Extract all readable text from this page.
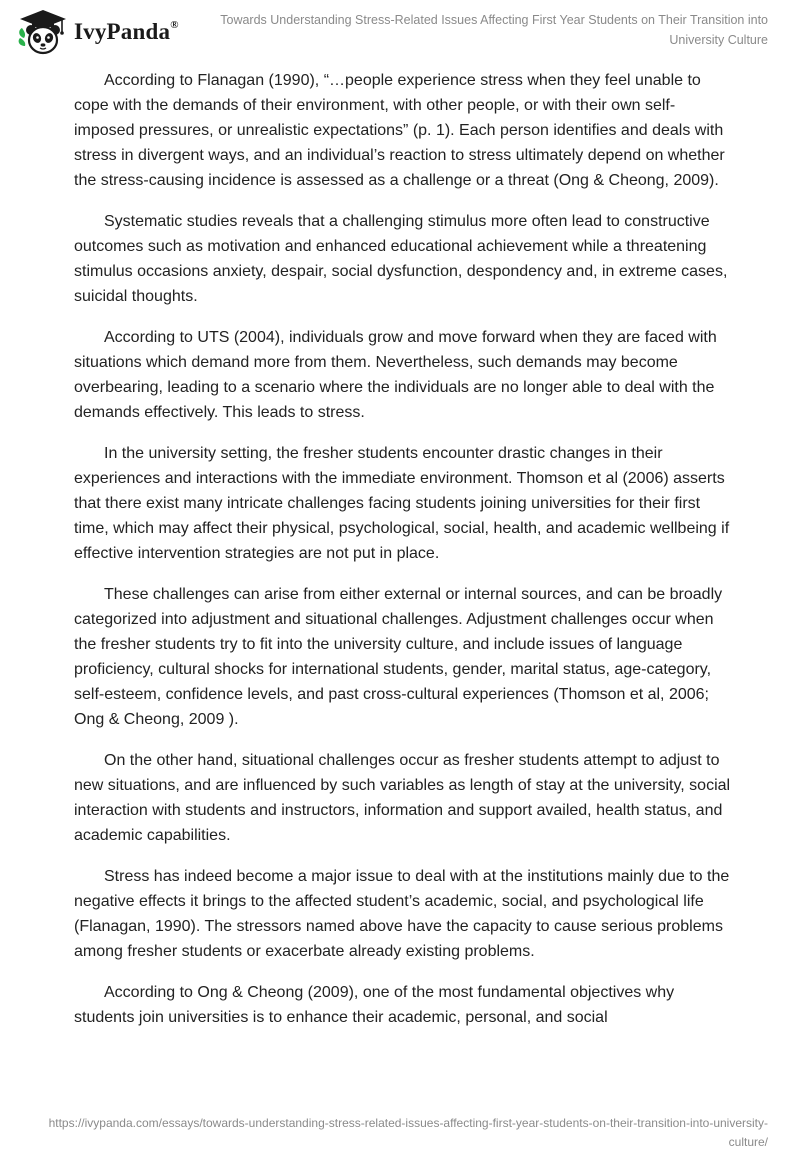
IvyPanda®	Towards Understanding Stress-Related Issues Affecting First Year Students on Their Transition into University Culture

According to Flanagan (1990), “…people experience stress when they feel unable to cope with the demands of their environment, with other people, or with their own self-imposed pressures, or unrealistic expectations” (p. 1). Each person identifies and deals with stress in divergent ways, and an individual’s reaction to stress ultimately depend on whether the stress-causing incidence is assessed as a challenge or a threat (Ong & Cheong, 2009).

Systematic studies reveals that a challenging stimulus more often lead to constructive outcomes such as motivation and enhanced educational achievement while a threatening stimulus occasions anxiety, despair, social dysfunction, despondency and, in extreme cases, suicidal thoughts.

According to UTS (2004), individuals grow and move forward when they are faced with situations which demand more from them. Nevertheless, such demands may become overbearing, leading to a scenario where the individuals are no longer able to deal with the demands effectively. This leads to stress.

In the university setting, the fresher students encounter drastic changes in their experiences and interactions with the immediate environment. Thomson et al (2006) asserts that there exist many intricate challenges facing students joining universities for their first time, which may affect their physical, psychological, social, health, and academic wellbeing if effective intervention strategies are not put in place.

These challenges can arise from either external or internal sources, and can be broadly categorized into adjustment and situational challenges. Adjustment challenges occur when the fresher students try to fit into the university culture, and include issues of language proficiency, cultural shocks for international students, gender, marital status, age-category, self-esteem, confidence levels, and past cross-cultural experiences (Thomson et al, 2006; Ong & Cheong, 2009 ).

On the other hand, situational challenges occur as fresher students attempt to adjust to new situations, and are influenced by such variables as length of stay at the university, social interaction with students and instructors, information and support availed, health status, and academic capabilities.

Stress has indeed become a major issue to deal with at the institutions mainly due to the negative effects it brings to the affected student’s academic, social, and psychological life (Flanagan, 1990). The stressors named above have the capacity to cause serious problems among fresher students or exacerbate already existing problems.

According to Ong & Cheong (2009), one of the most fundamental objectives why students join universities is to enhance their academic, personal, and social

https://ivypanda.com/essays/towards-understanding-stress-related-issues-affecting-first-year-students-on-their-transition-into-university-culture/
